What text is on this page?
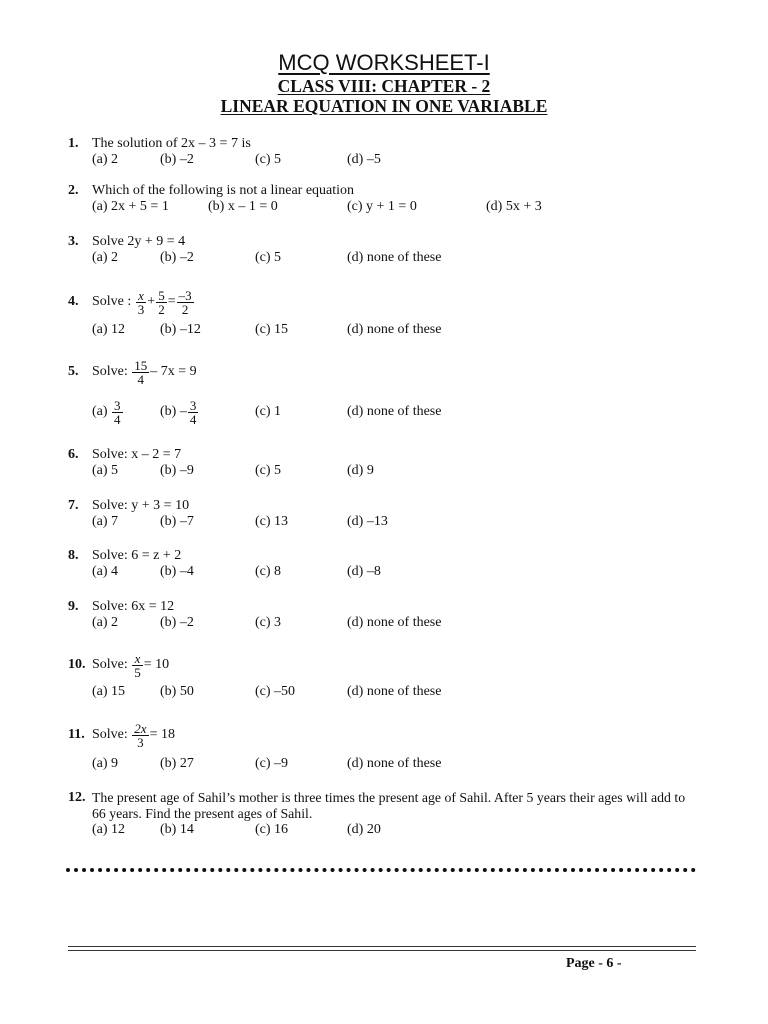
MCQ WORKSHEET-I
CLASS VIII: CHAPTER - 2
LINEAR EQUATION IN ONE VARIABLE
1. The solution of 2x – 3 = 7 is
(a) 2	(b) –2	(c) 5	(d) –5
2. Which of the following is not a linear equation
(a) 2x + 5 = 1	(b) x – 1 = 0	(c) y + 1 = 0	(d) 5x + 3
3. Solve 2y + 9 = 4
(a) 2	(b) –2	(c) 5	(d) none of these
4. Solve :
$\frac{x}{3} + \frac{5}{2} = \frac{-3}{2}$
(a) 12 (b) –12	(c) 15	(d) none of these
5. Solve:
$\frac{15}{4} - 7x = 9$
(a)
$\frac{3}{4}$	$(b) - \frac{3}{4}$	(c) 1	(d) none of these
6. Solve: x – 2 = 7
(a) 5	(b) –9	(c) 5	(d) 9
7. Solve: y + 3 = 10
(a) 7	(b) –7	(c) 13	(d) –13
8. Solve: 6 = z + 2
(a) 4	(b) –4	(c) 8	(d) –8
9. Solve: 6x = 12
(a) 2	(b) –2	(c) 3	(d) none of these
10. Solve:
$\frac{x}{5} = 10$
(a) 15 (b) 50	(c) –50	(d) none of these
11. Solve:
$\frac{2x}{3} = 18$
(a) 9	(b) 27	(c) –9	(d) none of these
12. The present age of Sahil’s mother is three times the present age of Sahil. After 5 years their ages will add to 66 years. Find the present ages of Sahil.
(a) 12 (b) 14	(c) 16	(d) 20
Page - 6 -
